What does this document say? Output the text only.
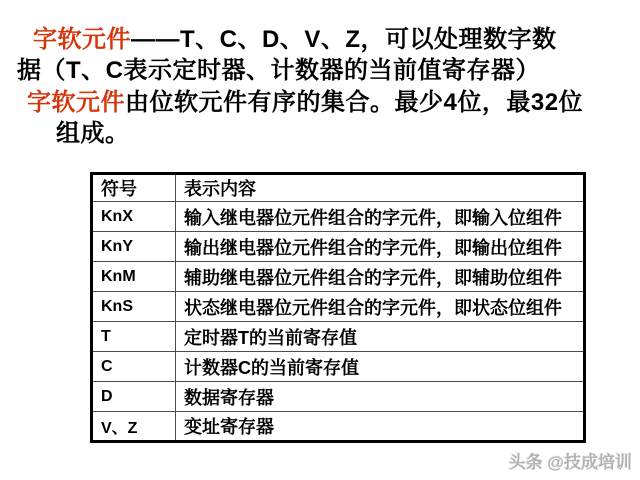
字软元件——T、C、D、V、Z，可以处理数字数
据（T、C表示定时器、计数器的当前值寄存器）
字软元件由位软元件有序的集合。最少4位，最32位
组成。
符号	表示内容
KnX	输入继电器位元件组合的字元件，即输入位组件
KnY	输出继电器位元件组合的字元件，即输出位组件
KnM	辅助继电器位元件组合的字元件，即辅助位组件
KnS	状态继电器位元件组合的字元件，即状态位组件
T	定时器T的当前寄存值
C	计数器C的当前寄存值
D	数据寄存器
V、Z	变址寄存器
头条 @技成培训
